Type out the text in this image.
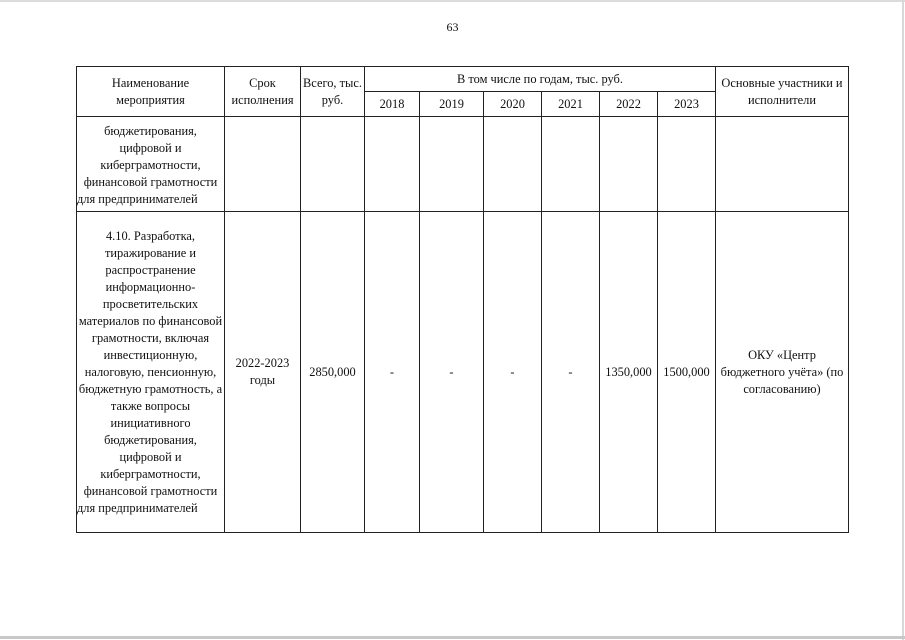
63
Наименование мероприятия	Срок исполнения	Всего, тыс. руб.	В том числе по годам, тыс. руб.						Основные участники и исполнители
			2018	2019	2020	2021	2022	2023	
бюджетирования, цифровой и киберграмотности, финансовой грамотности для предпринимателей									
4.10. Разработка, тиражирование и распространение информационно-просветительских материалов по финансовой грамотности, включая инвестиционную, налоговую, пенсионную, бюджетную грамотность, а также вопросы инициативного бюджетирования, цифровой и киберграмотности, финансовой грамотности для предпринимателей	2022-2023 годы	2850,000	-	-	-	-	1350,000	1500,000	ОКУ «Центр бюджетного учёта» (по согласованию)
